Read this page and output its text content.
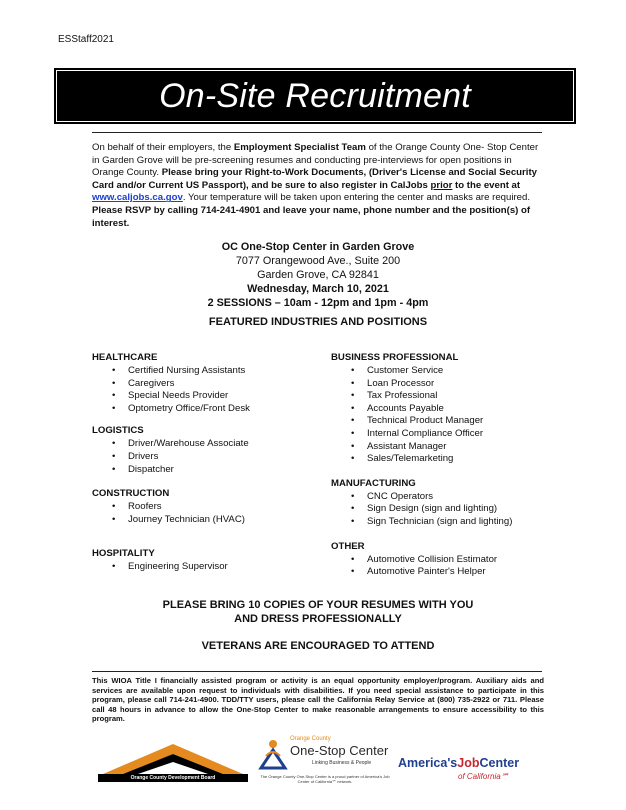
ESStaff2021
On-Site Recruitment
On behalf of their employers, the Employment Specialist Team of the Orange County One- Stop Center in Garden Grove will be pre-screening resumes and conducting pre-interviews for open positions in Orange County. Please bring your Right-to-Work Documents, (Driver's License and Social Security Card and/or Current US Passport), and be sure to also register in CalJobs prior to the event at www.caljobs.ca.gov. Your temperature will be taken upon entering the center and masks are required. Please RSVP by calling 714-241-4901 and leave your name, phone number and the position(s) of interest.
OC One-Stop Center in Garden Grove
7077 Orangewood Ave., Suite 200
Garden Grove, CA 92841
Wednesday, March 10, 2021
2 SESSIONS – 10am - 12pm and 1pm - 4pm
FEATURED INDUSTRIES AND POSITIONS
HEALTHCARE
• Certified Nursing Assistants
• Caregivers
• Special Needs Provider
• Optometry Office/Front Desk
LOGISTICS
• Driver/Warehouse Associate
• Drivers
• Dispatcher
CONSTRUCTION
• Roofers
• Journey Technician (HVAC)
HOSPITALITY
• Engineering Supervisor
BUSINESS PROFESSIONAL
• Customer Service
• Loan Processor
• Tax Professional
• Accounts Payable
• Technical Product Manager
• Internal Compliance Officer
• Assistant Manager
• Sales/Telemarketing
MANUFACTURING
• CNC Operators
• Sign Design (sign and lighting)
• Sign Technician (sign and lighting)
OTHER
• Automotive Collision Estimator
• Automotive Painter's Helper
PLEASE BRING 10 COPIES OF YOUR RESUMES WITH YOU
AND DRESS PROFESSIONALLY
VETERANS ARE ENCOURAGED TO ATTEND
This WIOA Title I financially assisted program or activity is an equal opportunity employer/program. Auxiliary aids and services are available upon request to individuals with disabilities. If you need special assistance to participate in this program, please call 714-241-4900. TDD/TTY users, please call the California Relay Service at (800) 735-2922 or 711. Please call 48 hours in advance to allow the One-Stop Center to make reasonable arrangements to ensure accessibility to this program.
Orange County Development Board
Orange County
One-Stop Center
Linking Business & People
The Orange County One-Stop Center is a proud partner of America's Job Center of California℠ network.
America'sJobCenter
of California℠
